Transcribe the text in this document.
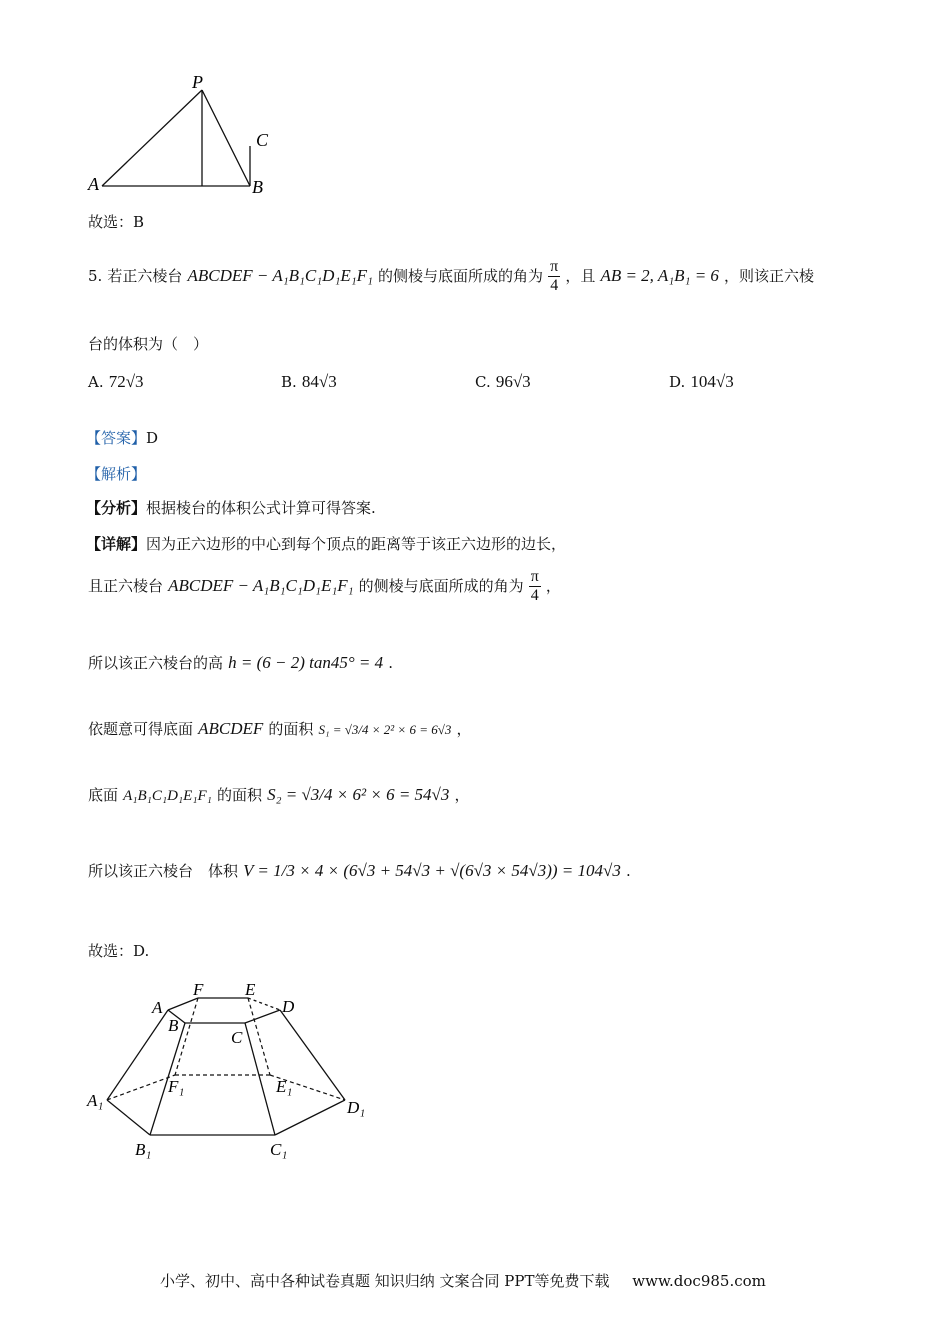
P
A	B
C
故选：B
5. 若正六棱台 ABCDEF − A₁B₁C₁D₁E₁F₁ 的侧棱与底面所成的角为 $\frac{\pi}{4}$ ，且 AB = 2, A₁B₁ = 6 ，则该正六棱
台的体积为（　）
A. 72√3	B. 84√3	C. 96√3	D. 104√3
【答案】D
【解析】
【分析】根据棱台的体积公式计算可得答案.
【详解】因为正六边形的中心到每个顶点的距离等于该正六边形的边长，
且正六棱台 ABCDEF − A₁B₁C₁D₁E₁F₁ 的侧棱与底面所成的角为 $\frac{\pi}{4}$ ，
所以该正六棱台的高 h = (6 − 2) tan45° = 4 .
依题意可得底面 ABCDEF 的面积 S₁ = √3/4 × 2² × 6 = 6√3 ，
底面 A₁B₁C₁D₁E₁F₁ 的面积 S₂ = √3/4 × 6² × 6 = 54√3 ，
所以该正六棱台　体积 V = 1/3 × 4 × (6√3 + 54√3 + √(6√3 × 54√3)) = 104√3 .
故选：D.
A
F E
D
B
C
F₁	E₁
A₁	D₁
B₁	C₁
小学、初中、高中各种试卷真题 知识归纳 文案合同 PPT等免费下载 www.doc985.com
